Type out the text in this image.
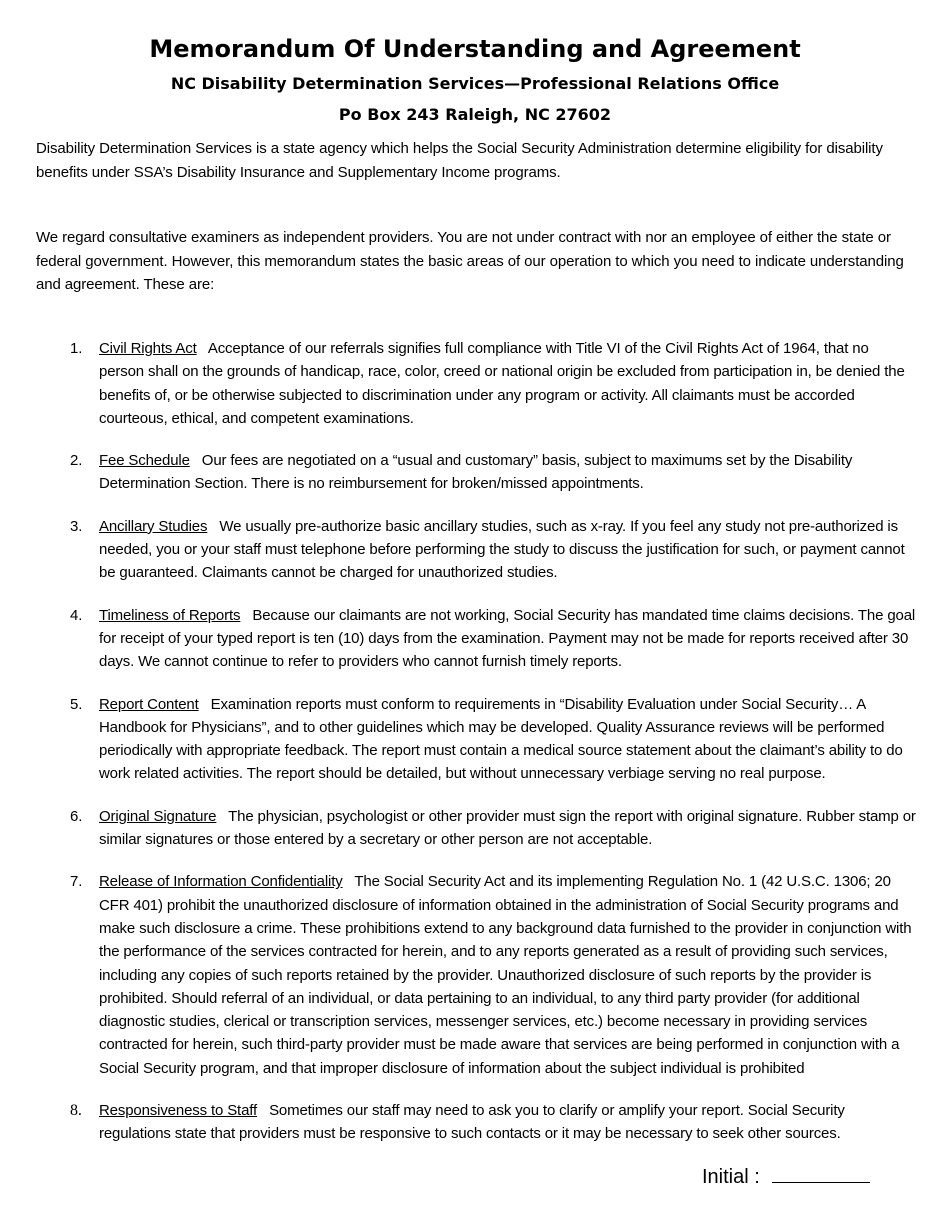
Memorandum Of Understanding and Agreement
NC Disability Determination Services—Professional Relations Office
Po Box 243 Raleigh, NC 27602

Disability Determination Services is a state agency which helps the Social Security Administration determine eligibility for disability benefits under SSA’s Disability Insurance and Supplementary Income programs.

We regard consultative examiners as independent providers. You are not under contract with nor an employee of either the state or federal government. However, this memorandum states the basic areas of our operation to which you need to indicate understanding and agreement. These are:

1. Civil Rights Act Acceptance of our referrals signifies full compliance with Title VI of the Civil Rights Act of 1964, that no person shall on the grounds of handicap, race, color, creed or national origin be excluded from participation in, be denied the benefits of, or be otherwise subjected to discrimination under any program or activity. All claimants must be accorded courteous, ethical, and competent examinations.
2. Fee Schedule Our fees are negotiated on a “usual and customary” basis, subject to maximums set by the Disability Determination Section. There is no reimbursement for broken/missed appointments.
3. Ancillary Studies We usually pre-authorize basic ancillary studies, such as x-ray. If you feel any study not pre-authorized is needed, you or your staff must telephone before performing the study to discuss the justification for such, or payment cannot be guaranteed. Claimants cannot be charged for unauthorized studies.
4. Timeliness of Reports Because our claimants are not working, Social Security has mandated time claims decisions. The goal for receipt of your typed report is ten (10) days from the examination. Payment may not be made for reports received after 30 days. We cannot continue to refer to providers who cannot furnish timely reports.
5. Report Content Examination reports must conform to requirements in “Disability Evaluation under Social Security… A Handbook for Physicians”, and to other guidelines which may be developed. Quality Assurance reviews will be performed periodically with appropriate feedback. The report must contain a medical source statement about the claimant’s ability to do work related activities. The report should be detailed, but without unnecessary verbiage serving no real purpose.
6. Original Signature The physician, psychologist or other provider must sign the report with original signature. Rubber stamp or similar signatures or those entered by a secretary or other person are not acceptable.
7. Release of Information Confidentiality The Social Security Act and its implementing Regulation No. 1 (42 U.S.C. 1306; 20 CFR 401) prohibit the unauthorized disclosure of information obtained in the administration of Social Security programs and make such disclosure a crime. These prohibitions extend to any background data furnished to the provider in conjunction with the performance of the services contracted for herein, and to any reports generated as a result of providing such services, including any copies of such reports retained by the provider. Unauthorized disclosure of such reports by the provider is prohibited. Should referral of an individual, or data pertaining to an individual, to any third party provider (for additional diagnostic studies, clerical or transcription services, messenger services, etc.) become necessary in providing services contracted for herein, such third-party provider must be made aware that services are being performed in conjunction with a Social Security program, and that improper disclosure of information about the subject individual is prohibited
8. Responsiveness to Staff Sometimes our staff may need to ask you to clarify or amplify your report. Social Security regulations state that providers must be responsive to such contacts or it may be necessary to seek other sources.
Initial :
